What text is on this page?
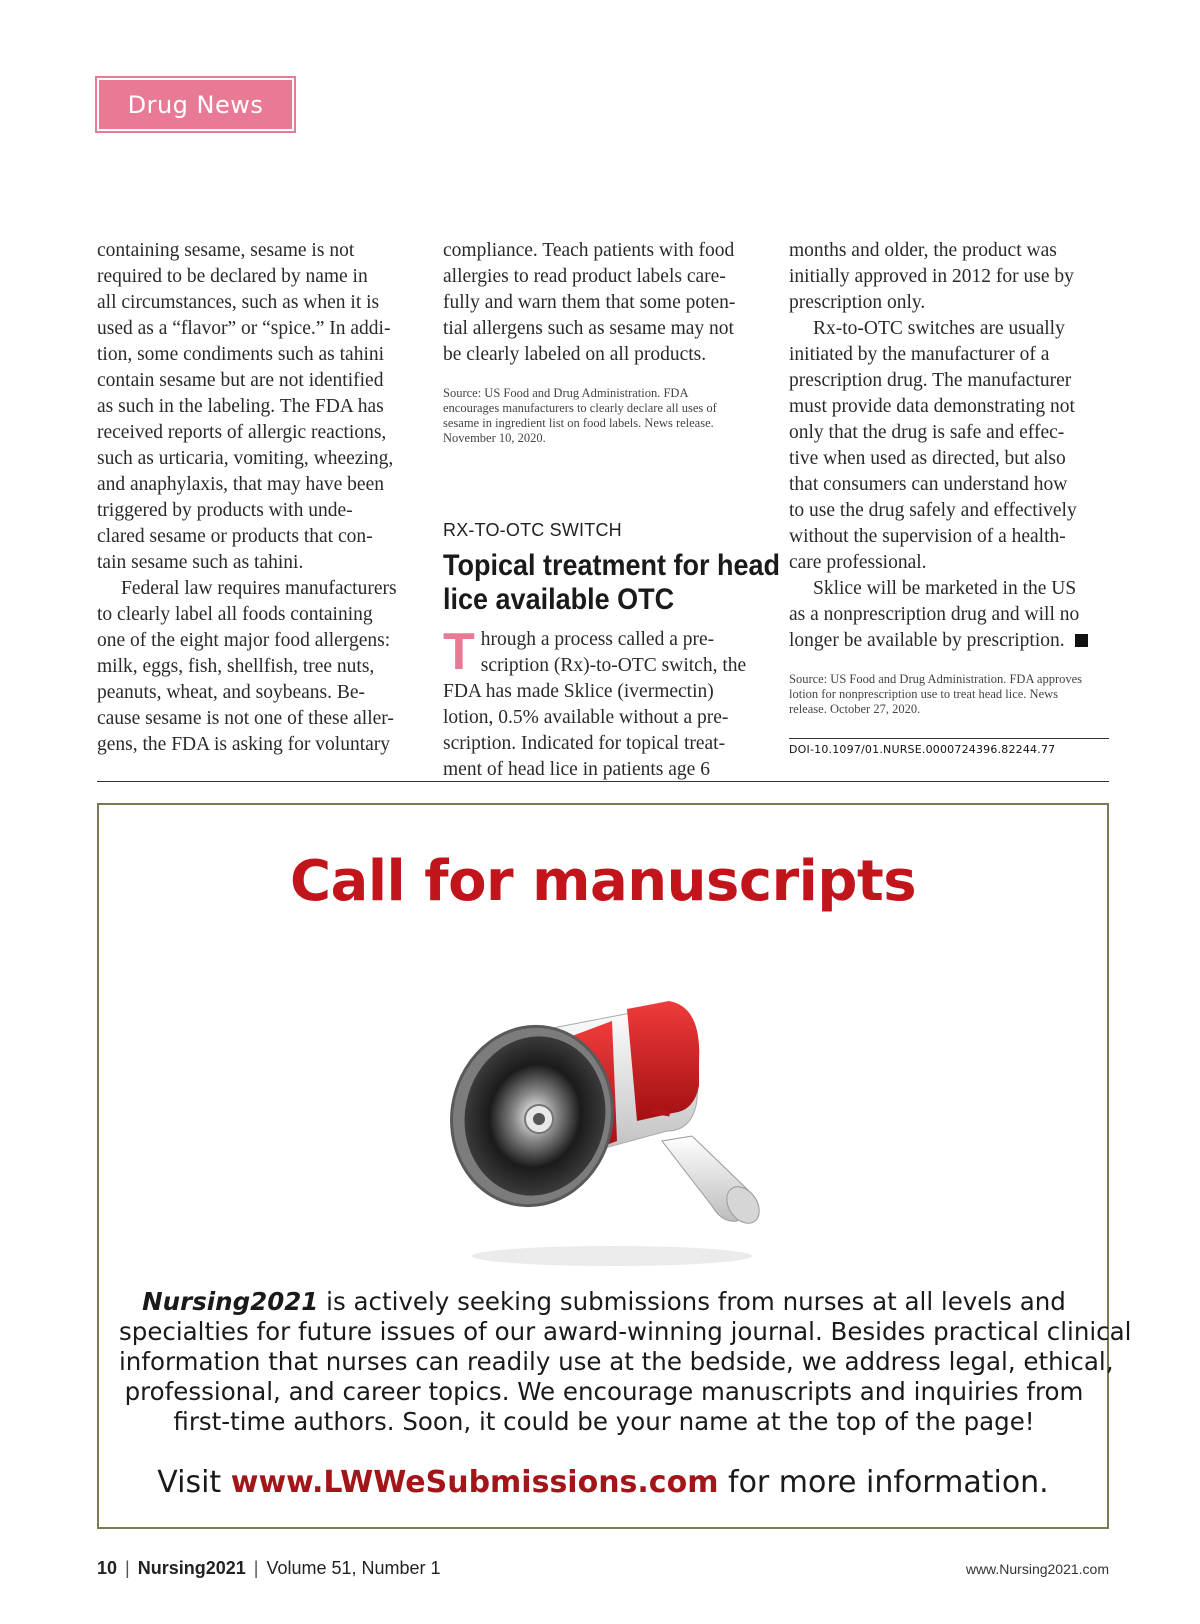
Drug News

containing sesame, sesame is not
required to be declared by name in
all circumstances, such as when it is
used as a “flavor” or “spice.” In addi-
tion, some condiments such as tahini
contain sesame but are not identified
as such in the labeling. The FDA has
received reports of allergic reactions,
such as urticaria, vomiting, wheezing,
and anaphylaxis, that may have been
triggered by products with unde-
clared sesame or products that con-
tain sesame such as tahini.

Federal law requires manufacturers
to clearly label all foods containing
one of the eight major food allergens:
milk, eggs, fish, shellfish, tree nuts,
peanuts, wheat, and soybeans. Be-
cause sesame is not one of these aller-
gens, the FDA is asking for voluntary

compliance. Teach patients with food
allergies to read product labels care-
fully and warn them that some poten-
tial allergens such as sesame may not
be clearly labeled on all products.

Source: US Food and Drug Administration. FDA
encourages manufacturers to clearly declare all uses of
sesame in ingredient list on food labels. News release.
November 10, 2020.
RX-TO-OTC SWITCH
Topical treatment for head
lice available OTC

T hrough a process called a pre-
scription (Rx)-to-OTC switch, the
FDA has made Sklice (ivermectin)
lotion, 0.5% available without a pre-
scription. Indicated for topical treat-
ment of head lice in patients age 6

months and older, the product was
initially approved in 2012 for use by
prescription only.

Rx-to-OTC switches are usually
initiated by the manufacturer of a
prescription drug. The manufacturer
must provide data demonstrating not
only that the drug is safe and effec-
tive when used as directed, but also
that consumers can understand how
to use the drug safely and effectively
without the supervision of a health-
care professional.

Sklice will be marketed in the US
as a nonprescription drug and will no
longer be available by prescription.

Source: US Food and Drug Administration. FDA approves
lotion for nonprescription use to treat head lice. News
release. October 27, 2020.
DOI-10.1097/01.NURSE.0000724396.82244.77
Call for manuscripts
Nursing2021 is actively seeking submissions from nurses at all levels and
specialties for future issues of our award-winning journal. Besides practical clinical
information that nurses can readily use at the bedside, we address legal, ethical,
professional, and career topics. We encourage manuscripts and inquiries from
first-time authors. Soon, it could be your name at the top of the page!
Visit www.LWWeSubmissions.com for more information.
10 | Nursing2021 | Volume 51, Number 1	www.Nursing2021.com
